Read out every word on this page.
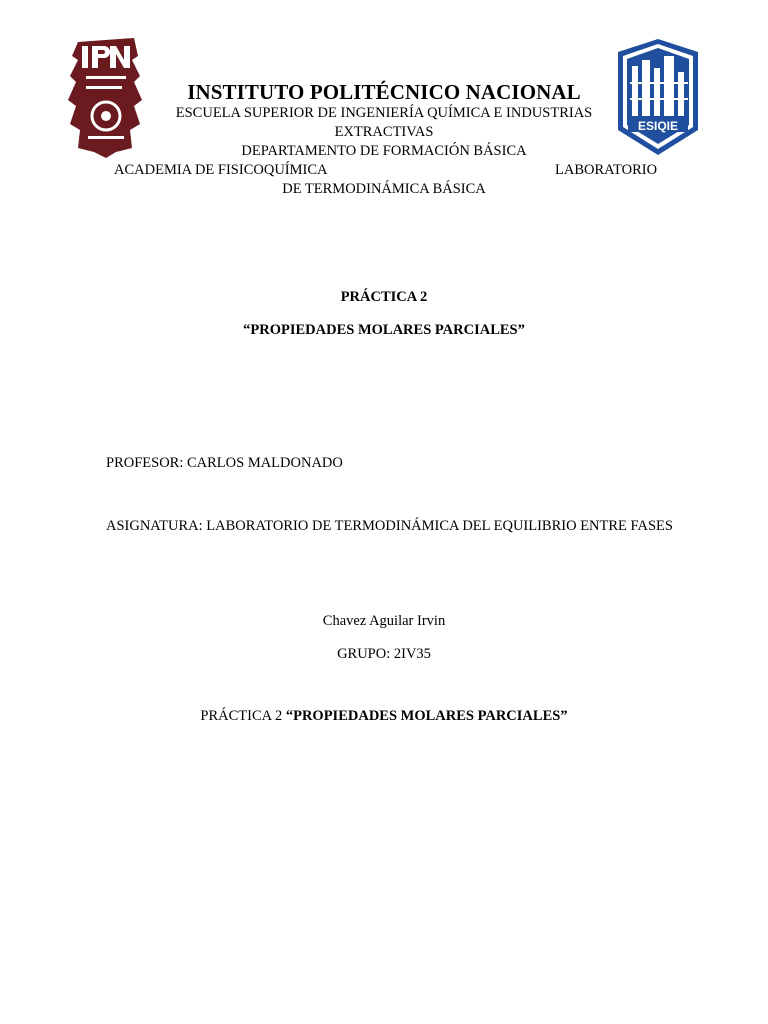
ESIQIE
INSTITUTO POLITÉCNICO NACIONAL
ESCUELA SUPERIOR DE INGENIERÍA QUÍMICA E INDUSTRIAS
EXTRACTIVAS
DEPARTAMENTO DE FORMACIÓN BÁSICA
ACADEMIA DE FISICOQUÍMICA	LABORATORIO
DE TERMODINÁMICA BÁSICA
PRÁCTICA 2
“PROPIEDADES MOLARES PARCIALES”
PROFESOR: CARLOS MALDONADO
ASIGNATURA: LABORATORIO DE TERMODINÁMICA DEL EQUILIBRIO ENTRE FASES
Chavez Aguilar Irvin
GRUPO: 2IV35
PRÁCTICA 2 “PROPIEDADES MOLARES PARCIALES”
